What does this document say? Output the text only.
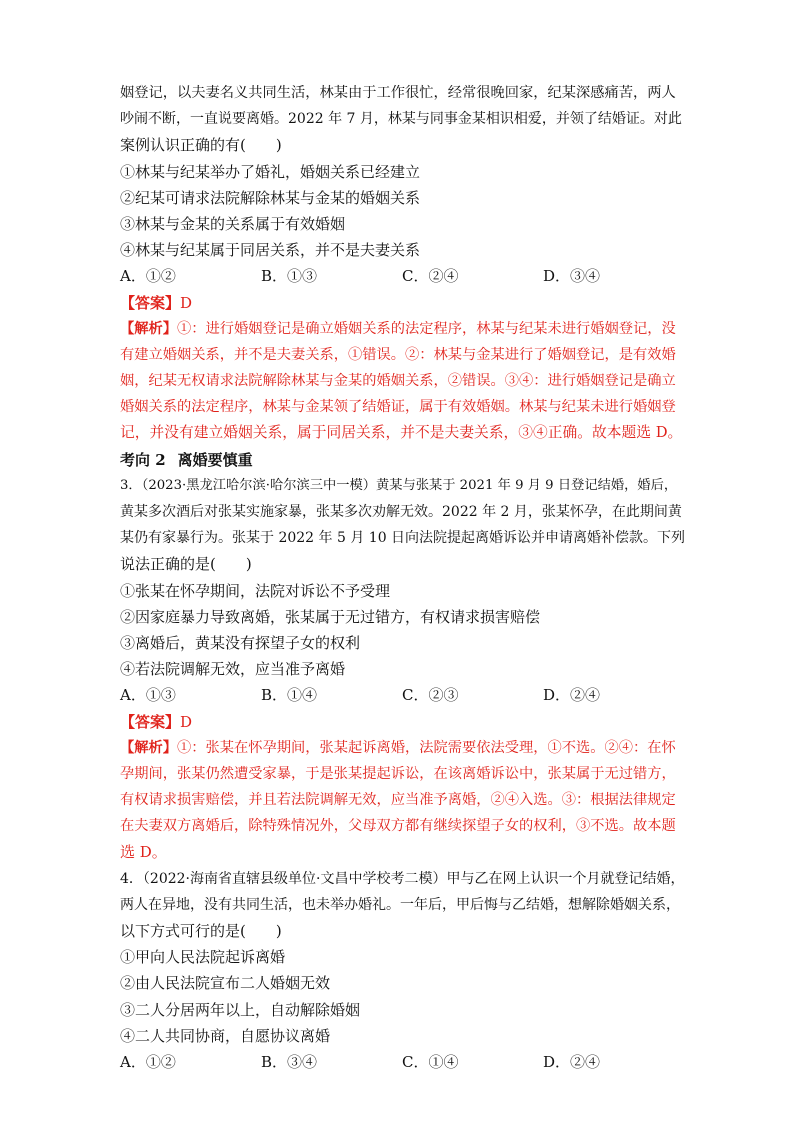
姻登记，以夫妻名义共同生活，林某由于工作很忙，经常很晚回家，纪某深感痛苦，两人
吵闹不断，一直说要离婚。2022 年 7 月，林某与同事金某相识相爱，并领了结婚证。对此
案例认识正确的有(　　)
①林某与纪某举办了婚礼，婚姻关系已经建立
②纪某可请求法院解除林某与金某的婚姻关系
③林某与金某的关系属于有效婚姻
④林某与纪某属于同居关系，并不是夫妻关系
A．①②	B．①③	C．②④	D．③④
【答案】D
【解析】①：进行婚姻登记是确立婚姻关系的法定程序，林某与纪某未进行婚姻登记，没
有建立婚姻关系，并不是夫妻关系，①错误。②：林某与金某进行了婚姻登记，是有效婚
姻，纪某无权请求法院解除林某与金某的婚姻关系，②错误。③④：进行婚姻登记是确立
婚姻关系的法定程序，林某与金某领了结婚证，属于有效婚姻。林某与纪某未进行婚姻登
记，并没有建立婚姻关系，属于同居关系，并不是夫妻关系，③④正确。故本题选 D。
考向 2 离婚要慎重
3．（2023·黑龙江哈尔滨·哈尔滨三中一模）黄某与张某于 2021 年 9 月 9 日登记结婚，婚后，
黄某多次酒后对张某实施家暴，张某多次劝解无效。2022 年 2 月，张某怀孕，在此期间黄
某仍有家暴行为。张某于 2022 年 5 月 10 日向法院提起离婚诉讼并申请离婚补偿款。下列
说法正确的是(　　)
①张某在怀孕期间，法院对诉讼不予受理
②因家庭暴力导致离婚，张某属于无过错方，有权请求损害赔偿
③离婚后，黄某没有探望子女的权利
④若法院调解无效，应当准予离婚
A．①③	B．①④	C．②③	D．②④
【答案】D
【解析】①：张某在怀孕期间，张某起诉离婚，法院需要依法受理，①不选。②④：在怀
孕期间，张某仍然遭受家暴，于是张某提起诉讼，在该离婚诉讼中，张某属于无过错方，
有权请求损害赔偿，并且若法院调解无效，应当准予离婚，②④入选。③：根据法律规定
在夫妻双方离婚后，除特殊情况外，父母双方都有继续探望子女的权利，③不选。故本题
选 D。
4．（2022·海南省直辖县级单位·文昌中学校考二模）甲与乙在网上认识一个月就登记结婚，
两人在异地，没有共同生活，也未举办婚礼。一年后，甲后悔与乙结婚，想解除婚姻关系，
以下方式可行的是(　　)
①甲向人民法院起诉离婚
②由人民法院宣布二人婚姻无效
③二人分居两年以上，自动解除婚姻
④二人共同协商，自愿协议离婚
A．①②	B．③④	C．①④	D．②④
